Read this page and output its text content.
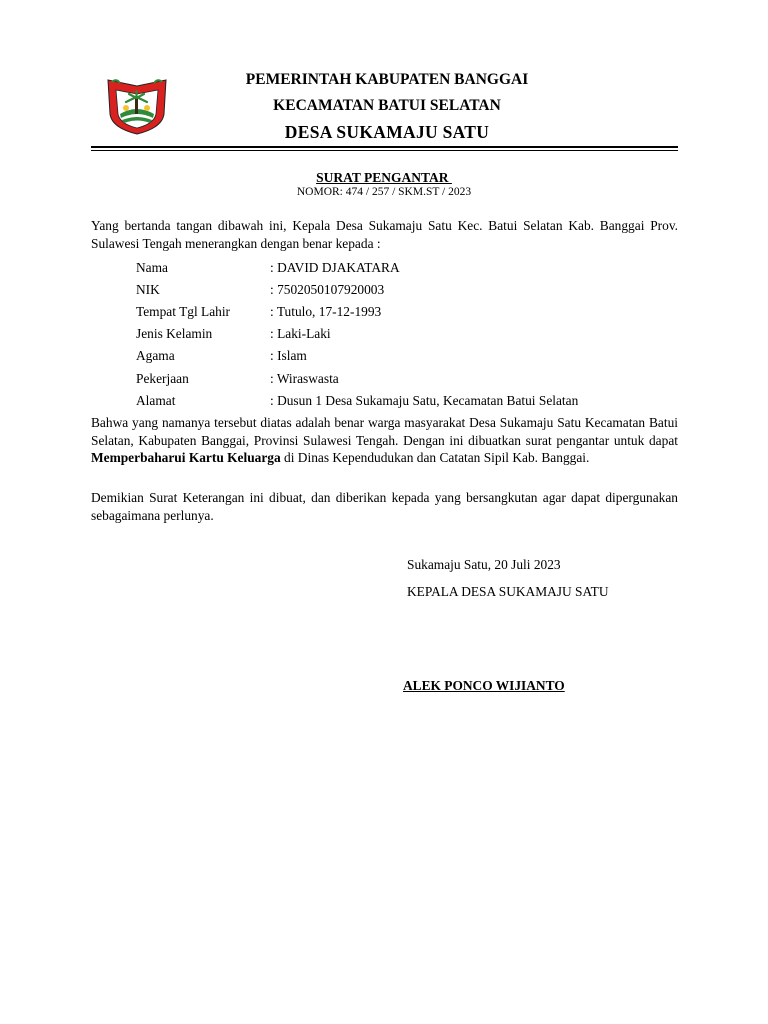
PEMERINTAH KABUPATEN BANGGAI
KECAMATAN BATUI SELATAN
DESA SUKAMAJU SATU
SURAT PENGANTAR
NOMOR: 474 / 257 / SKM.ST / 2023
Yang bertanda tangan dibawah ini, Kepala Desa Sukamaju Satu Kec. Batui Selatan Kab. Banggai Prov. Sulawesi Tengah menerangkan dengan benar kepada :
Nama	: DAVID DJAKATARA
NIK	: 7502050107920003
Tempat Tgl Lahir	: Tutulo, 17-12-1993
Jenis Kelamin	: Laki-Laki
Agama	: Islam
Pekerjaan	: Wiraswasta
Alamat	: Dusun 1 Desa Sukamaju Satu, Kecamatan Batui Selatan
Bahwa yang namanya tersebut diatas adalah benar warga masyarakat Desa Sukamaju Satu Kecamatan Batui Selatan, Kabupaten Banggai, Provinsi Sulawesi Tengah. Dengan ini dibuatkan surat pengantar untuk dapat Memperbaharui Kartu Keluarga di Dinas Kependudukan dan Catatan Sipil Kab. Banggai.
Demikian Surat Keterangan ini dibuat, dan diberikan kepada yang bersangkutan agar dapat dipergunakan sebagaimana perlunya.
Sukamaju Satu, 20 Juli 2023
KEPALA DESA SUKAMAJU SATU
ALEK PONCO WIJIANTO
